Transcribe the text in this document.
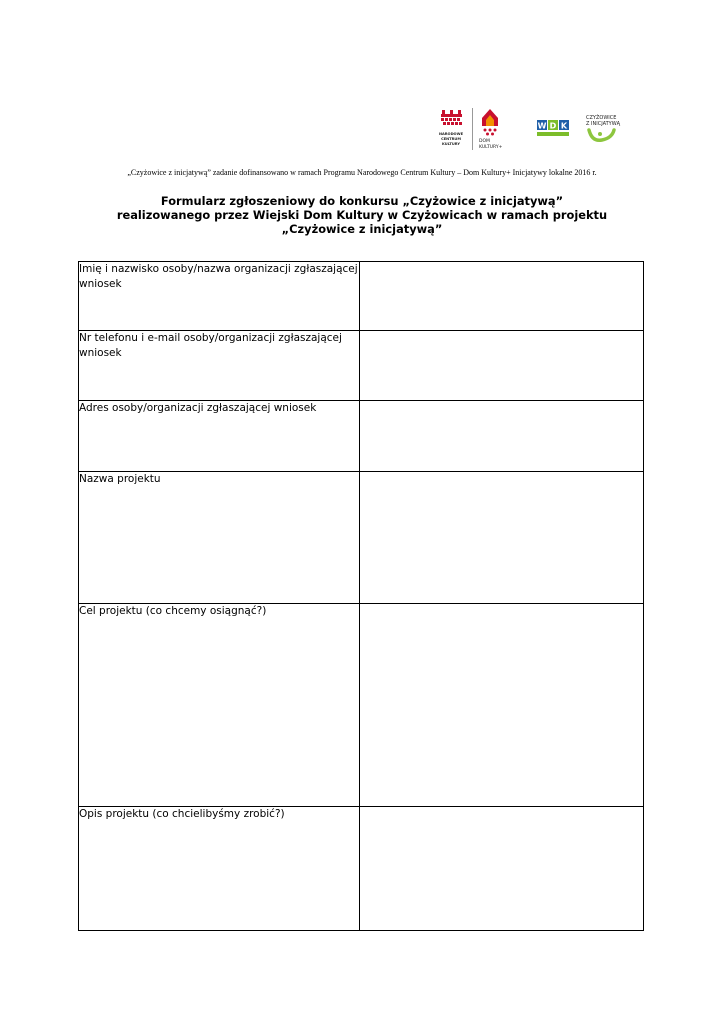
NARODOWE
CENTRUM
KULTURY	DOM
KULTURY+
W D K
CZYŻOWICE
Z INICJATYWĄ
„Czyżowice z inicjatywą” zadanie dofinansowano w ramach Programu Narodowego Centrum Kultury – Dom Kultury+ Inicjatywy lokalne 2016 r.
Formularz zgłoszeniowy do konkursu „Czyżowice z inicjatywą”
realizowanego przez Wiejski Dom Kultury w Czyżowicach w ramach projektu
„Czyżowice z inicjatywą”
Imię i nazwisko osoby/nazwa organizacji zgłaszającej wniosek	
Nr telefonu i e-mail osoby/organizacji zgłaszającej wniosek	
Adres osoby/organizacji zgłaszającej wniosek	
Nazwa projektu	
Cel projektu (co chcemy osiągnąć?)	
Opis projektu (co chcielibyśmy zrobić?)	
